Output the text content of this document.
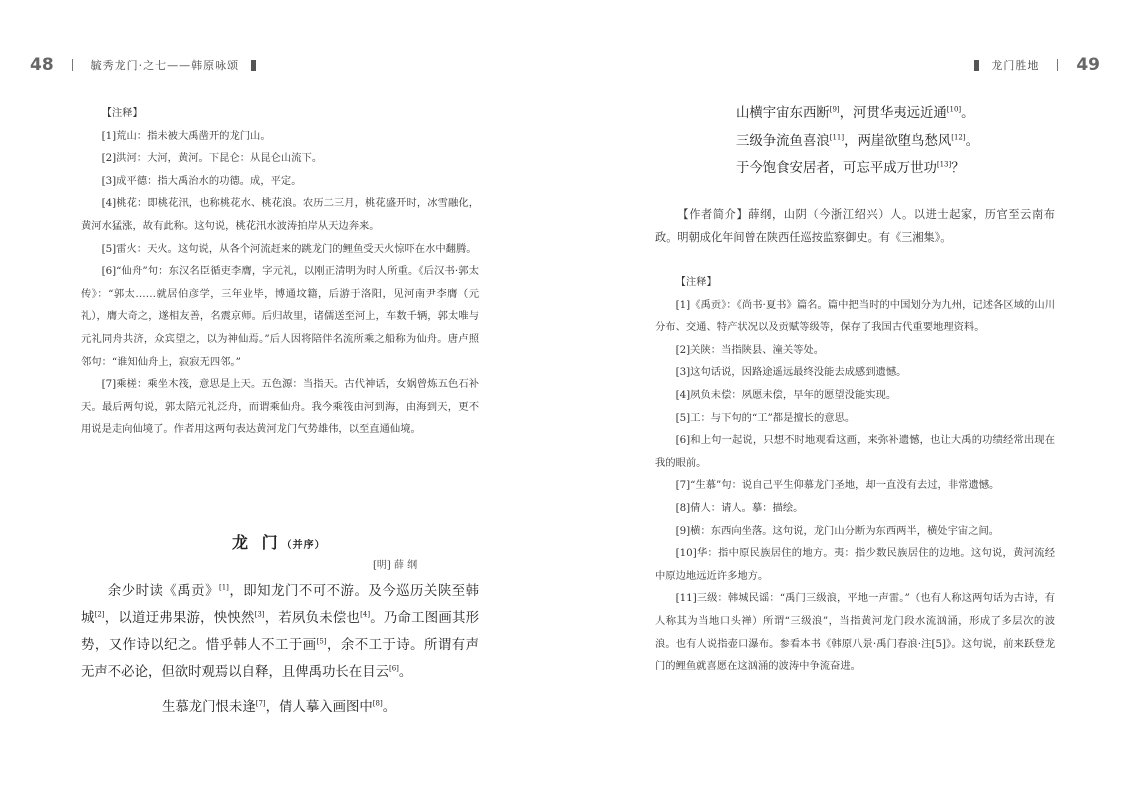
48	毓秀龙门·之七——韩原咏颂
【注释】

[1]荒山：指未被大禹凿开的龙门山。

[2]洪河：大河，黄河。下昆仑：从昆仑山流下。

[3]成平德：指大禹治水的功德。成，平定。

[4]桃花：即桃花汛，也称桃花水、桃花浪。农历二三月，桃花盛开时，冰雪融化，黄河水猛涨，故有此称。这句说，桃花汛水波涛拍岸从天边奔来。

[5]雷火：天火。这句说，从各个河流赶来的跳龙门的鲤鱼受天火惊吓在水中翻腾。

[6]“仙舟”句：东汉名臣循吏李膺，字元礼，以刚正清明为时人所重。《后汉书·郭太传》：“郭太……就居伯彦学，三年业毕，博通坟籍，后游于洛阳，见河南尹李膺（元礼），膺大奇之，遂相友善，名震京师。后归故里，诸儒送至河上，车数千辆，郭太唯与元礼同舟共济，众宾望之，以为神仙焉。”后人因将陪伴名流所乘之船称为仙舟。唐卢照邻句：“谁知仙舟上，寂寂无四邻。”

[7]乘槎：乘坐木筏，意思是上天。五色源：当指天。古代神话，女娲曾炼五色石补天。最后两句说，郭太陪元礼泛舟，而谓乘仙舟。我今乘筏由河到海，由海到天，更不用说是走向仙境了。作者用这两句表达黄河龙门气势雄伟，以至直通仙境。

龙 门（并序）
[明] 薛 纲

余少时读《禹贡》[1]，即知龙门不可不游。及今巡历关陕至韩城[2]，以道迂弗果游，怏怏然[3]，若夙负未偿也[4]。乃命工图画其形势，又作诗以纪之。惜乎韩人不工于画[5]，余不工于诗。所谓有声无声不必论，但欲时观焉以自释，且俾禹功长在目云[6]。

生慕龙门恨未逢[7]，倩人摹入画图中[8]。
龙门胜地 49
山横宇宙东西断[9]，河贯华夷远近通[10]。
三级争流鱼喜浪[11]，两崖欲堕鸟愁风[12]。
于今饱食安居者，可忘平成万世功[13]？
【作者简介】薛纲，山阴（今浙江绍兴）人。以进士起家，历官至云南布政。明朝成化年间曾在陕西任巡按监察御史。有《三湘集》。
【注释】

[1]《禹贡》：《尚书·夏书》篇名。篇中把当时的中国划分为九州，记述各区域的山川分布、交通、特产状况以及贡赋等级等，保存了我国古代重要地理资料。

[2]关陕：当指陕县、潼关等处。

[3]这句话说，因路途遥远最终没能去成感到遗憾。

[4]夙负未偿：夙愿未偿，早年的愿望没能实现。

[5]工：与下句的“工”都是擅长的意思。

[6]和上句一起说，只想不时地观看这画，来弥补遗憾，也让大禹的功绩经常出现在我的眼前。

[7]“生慕”句：说自己平生仰慕龙门圣地，却一直没有去过，非常遗憾。

[8]倩人：请人。摹：描绘。

[9]横：东西向坐落。这句说，龙门山分断为东西两半，横处宇宙之间。

[10]华：指中原民族居住的地方。夷：指少数民族居住的边地。这句说，黄河流经中原边地远近许多地方。

[11]三级：韩城民谣：“禹门三级浪，平地一声雷。”（也有人称这两句话为古诗，有人称其为当地口头禅）所谓“三级浪”，当指黄河龙门段水流汹涌，形成了多层次的波浪。也有人说指壶口瀑布。参看本书《韩原八景·禹门春浪·注[5]》。这句说，前来跃登龙门的鲤鱼就喜愿在这汹涌的波涛中争流奋进。
